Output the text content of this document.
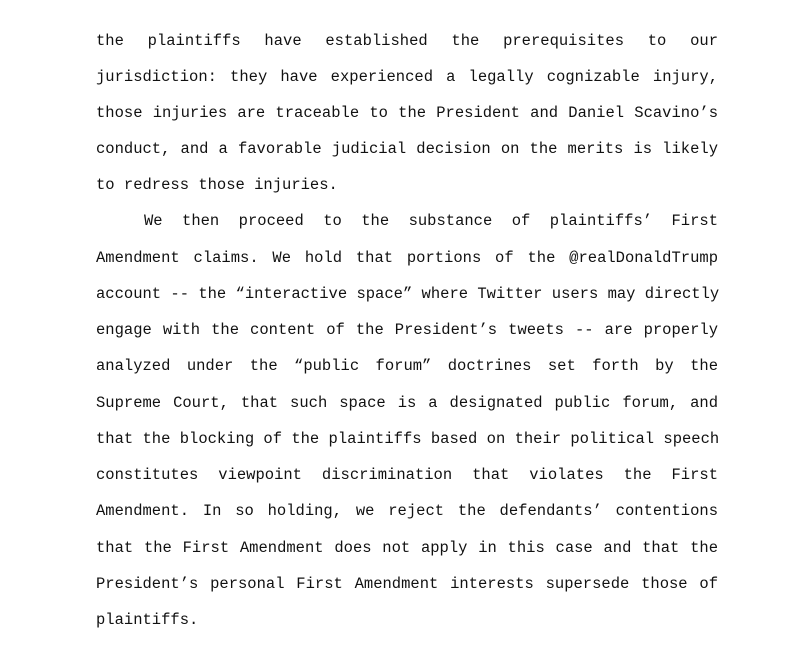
the plaintiffs have established the prerequisites to our
jurisdiction: they have experienced a legally cognizable injury,
those injuries are traceable to the President and Daniel Scavino’s
conduct, and a favorable judicial decision on the merits is likely
to redress those injuries.
We then proceed to the substance of plaintiffs’ First
Amendment claims. We hold that portions of the @realDonaldTrump
account -- the “interactive space” where Twitter users may directly
engage with the content of the President’s tweets -- are properly
analyzed under the “public forum” doctrines set forth by the
Supreme Court, that such space is a designated public forum, and
that the blocking of the plaintiffs based on their political speech
constitutes viewpoint discrimination that violates the First
Amendment. In so holding, we reject the defendants’ contentions
that the First Amendment does not apply in this case and that the
President’s personal First Amendment interests supersede those of
plaintiffs.
